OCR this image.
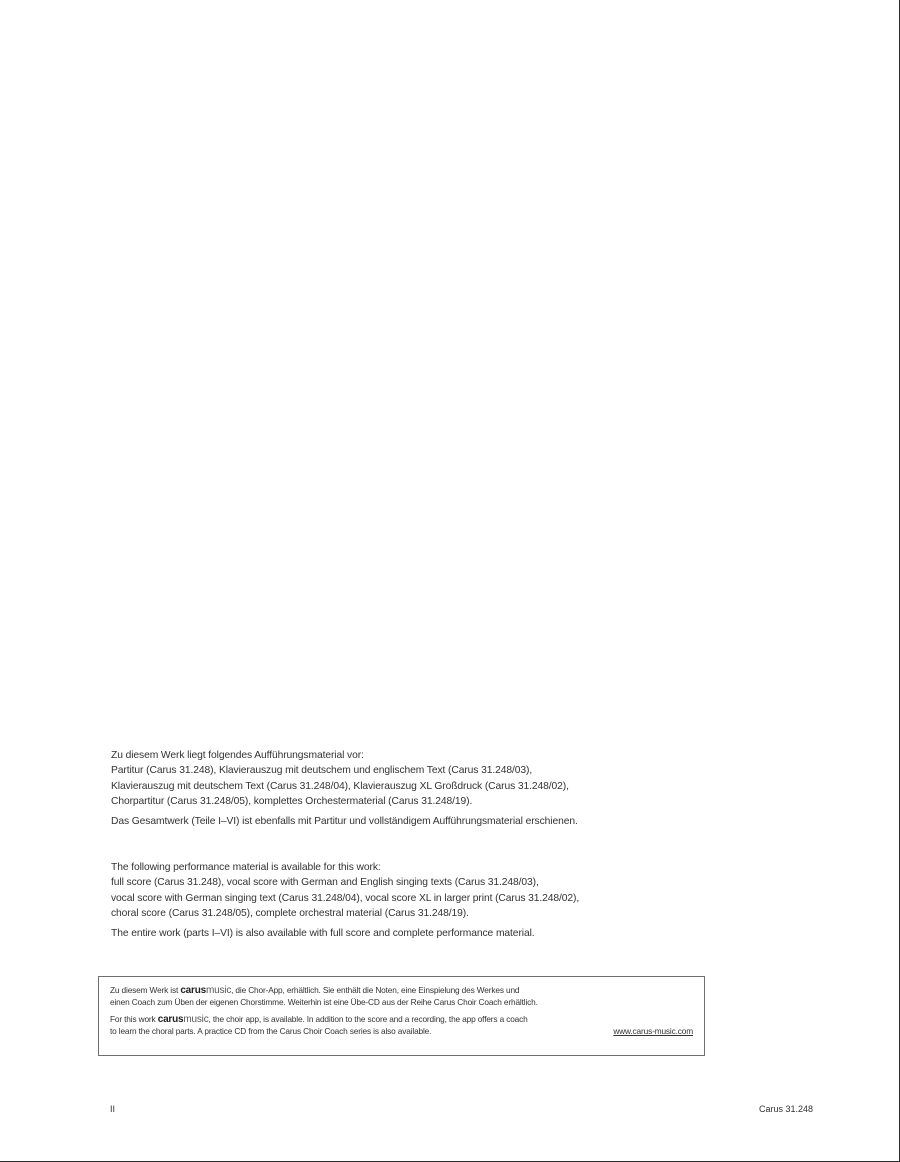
Zu diesem Werk liegt folgendes Aufführungsmaterial vor:

Partitur (Carus 31.248), Klavierauszug mit deutschem und englischem Text (Carus 31.248/03),

Klavierauszug mit deutschem Text (Carus 31.248/04), Klavierauszug XL Großdruck (Carus 31.248/02),

Chorpartitur (Carus 31.248/05), komplettes Orchestermaterial (Carus 31.248/19).

Das Gesamtwerk (Teile I–VI) ist ebenfalls mit Partitur und vollständigem Aufführungsmaterial erschienen.

The following performance material is available for this work:

full score (Carus 31.248), vocal score with German and English singing texts (Carus 31.248/03),

vocal score with German singing text (Carus 31.248/04), vocal score XL in larger print (Carus 31.248/02),

choral score (Carus 31.248/05), complete orchestral material (Carus 31.248/19).

The entire work (parts I–VI) is also available with full score and complete performance material.

Zu diesem Werk ist carusmusic, die Chor-App, erhältlich. Sie enthält die Noten, eine Einspielung des Werkes und

einen Coach zum Üben der eigenen Chorstimme. Weiterhin ist eine Übe-CD aus der Reihe Carus Choir Coach erhältlich.

For this work carusmusic, the choir app, is available. In addition to the score and a recording, the app offers a coach

to learn the choral parts. A practice CD from the Carus Choir Coach series is also available.	www.carus-music.com

II	Carus 31.248
